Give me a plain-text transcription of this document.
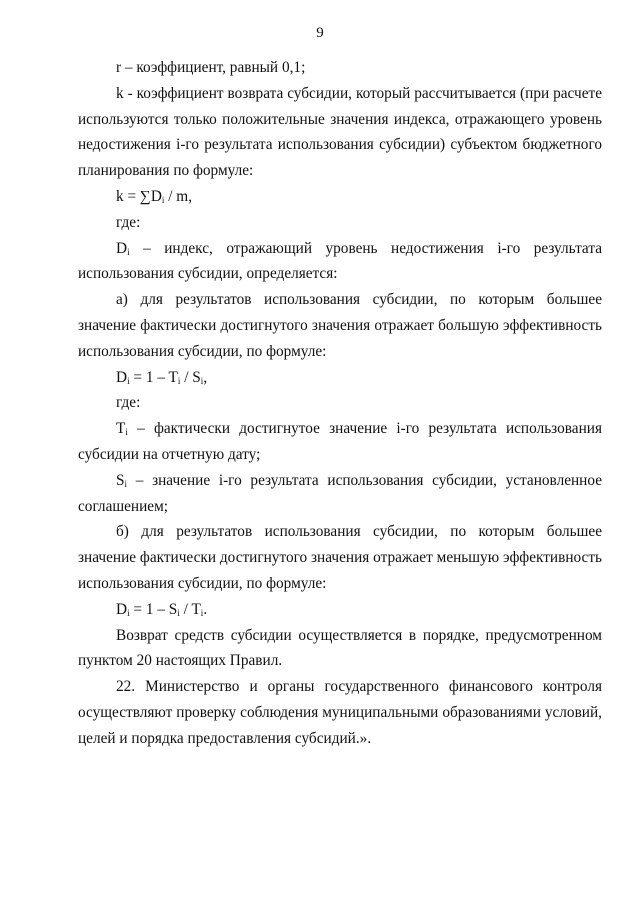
9

r – коэффициент, равный 0,1;

k - коэффициент возврата субсидии, который рассчитывается (при расчете используются только положительные значения индекса, отражающего уровень недостижения i-го результата использования субсидии) субъектом бюджетного планирования по формуле:

$k = \sum D_i / m$,

где:

$D_i$ – индекс, отражающий уровень недостижения i-го результата использования субсидии, определяется:

а) для результатов использования субсидии, по которым большее значение фактически достигнутого значения отражает большую эффективность использования субсидии, по формуле:

$D_i = 1 - T_i / S_i$,

где:

$T_i$ – фактически достигнутое значение i-го результата использования субсидии на отчетную дату;

$S_i$ – значение i-го результата использования субсидии, установленное соглашением;

б) для результатов использования субсидии, по которым большее значение фактически достигнутого значения отражает меньшую эффективность использования субсидии, по формуле:

$D_i = 1 - S_i / T_i$.

Возврат средств субсидии осуществляется в порядке, предусмотренном пунктом 20 настоящих Правил.

22. Министерство и органы государственного финансового контроля осуществляют проверку соблюдения муниципальными образованиями условий, целей и порядка предоставления субсидий.».
